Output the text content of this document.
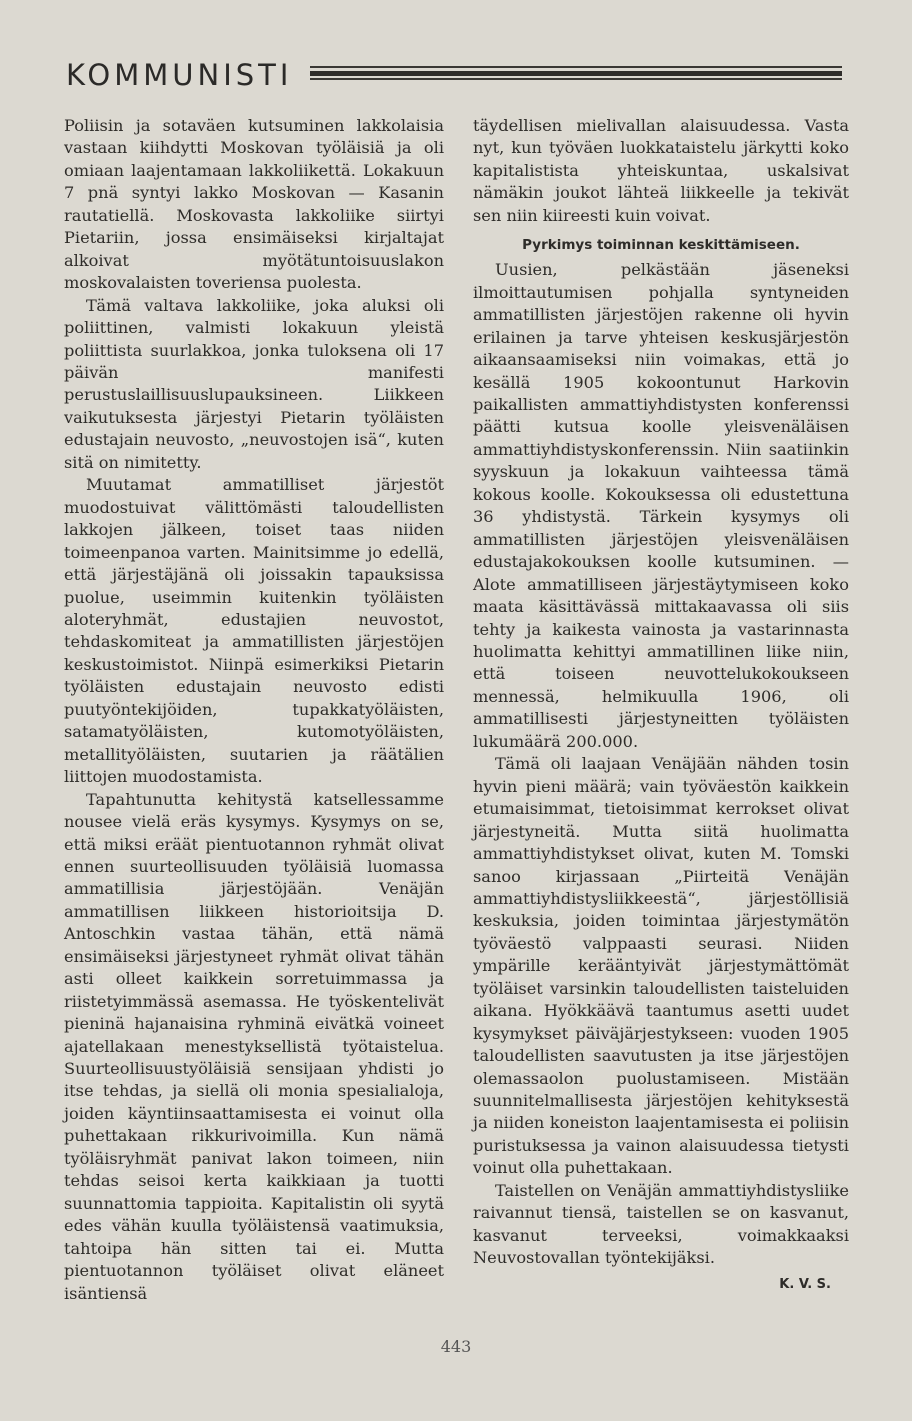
KOMMUNISTI

Poliisin ja sotaväen kutsuminen lakkolaisia vastaan kiihdytti Moskovan työläisiä ja oli omiaan laajentamaan lakkoliikettä. Lokakuun 7 pnä syntyi lakko Moskovan — Kasanin rautatiellä. Moskovasta lakkoliike siirtyi Pietariin, jossa ensimäiseksi kirjaltajat alkoivat myötätuntoisuuslakon moskovalaisten toveriensa puolesta.

Tämä valtava lakkoliike, joka aluksi oli poliittinen, valmisti lokakuun yleistä poliittista suurlakkoa, jonka tuloksena oli 17 päivän manifesti perustuslaillisuuslupauksineen. Liikkeen vaikutuksesta järjestyi Pietarin työläisten edustajain neuvosto, „neuvostojen isä“, kuten sitä on nimitetty.

Muutamat ammatilliset järjestöt muodostuivat välittömästi taloudellisten lakkojen jälkeen, toiset taas niiden toimeenpanoa varten. Mainitsimme jo edellä, että järjestäjänä oli joissakin tapauksissa puolue, useimmin kuitenkin työläisten aloteryhmät, edustajien neuvostot, tehdaskomiteat ja ammatillisten järjestöjen keskustoimistot. Niinpä esimerkiksi Pietarin työläisten edustajain neuvosto edisti puutyöntekijöiden, tupakkatyöläisten, satamatyöläisten, kutomotyöläisten, metallityöläisten, suutarien ja räätälien liittojen muodostamista.

Tapahtunutta kehitystä katsellessamme nousee vielä eräs kysymys. Kysymys on se, että miksi eräät pientuotannon ryhmät olivat ennen suurteollisuuden työläisiä luomassa ammatillisia järjestöjään. Venäjän ammatillisen liikkeen historioitsija D. Antoschkin vastaa tähän, että nämä ensimäiseksi järjestyneet ryhmät olivat tähän asti olleet kaikkein sorretuimmassa ja riistetyimmässä asemassa. He työskentelivät pieninä hajanaisina ryhminä eivätkä voineet ajatellakaan menestyksellistä työtaistelua. Suurteollisuustyöläisiä sensijaan yhdisti jo itse tehdas, ja siellä oli monia spesialialoja, joiden käyntiinsaattamisesta ei voinut olla puhettakaan rikkurivoimilla. Kun nämä työläisryhmät panivat lakon toimeen, niin tehdas seisoi kerta kaikkiaan ja tuotti suunnattomia tappioita. Kapitalistin oli syytä edes vähän kuulla työläistensä vaatimuksia, tahtoipa hän sitten tai ei. Mutta pientuotannon työläiset olivat eläneet isäntiensä

täydellisen mielivallan alaisuudessa. Vasta nyt, kun työväen luokkataistelu järkytti koko kapitalistista yhteiskuntaa, uskalsivat nämäkin joukot lähteä liikkeelle ja tekivät sen niin kiireesti kuin voivat.

Pyrkimys toiminnan keskittämiseen.

Uusien, pelkästään jäseneksi ilmoittautumisen pohjalla syntyneiden ammatillisten järjestöjen rakenne oli hyvin erilainen ja tarve yhteisen keskusjärjestön aikaansaamiseksi niin voimakas, että jo kesällä 1905 kokoontunut Harkovin paikallisten ammattiyhdistysten konferenssi päätti kutsua koolle yleisvenäläisen ammattiyhdistyskonferenssin. Niin saatiinkin syyskuun ja lokakuun vaihteessa tämä kokous koolle. Kokouksessa oli edustettuna 36 yhdistystä. Tärkein kysymys oli ammatillisten järjestöjen yleisvenäläisen edustajakokouksen koolle kutsuminen. — Alote ammatilliseen järjestäytymiseen koko maata käsittävässä mittakaavassa oli siis tehty ja kaikesta vainosta ja vastarinnasta huolimatta kehittyi ammatillinen liike niin, että toiseen neuvottelukokoukseen mennessä, helmikuulla 1906, oli ammatillisesti järjestyneitten työläisten lukumäärä 200.000.

Tämä oli laajaan Venäjään nähden tosin hyvin pieni määrä; vain työväestön kaikkein etumaisimmat, tietoisimmat kerrokset olivat järjestyneitä. Mutta siitä huolimatta ammattiyhdistykset olivat, kuten M. Tomski sanoo kirjassaan „Piirteitä Venäjän ammattiyhdistysliikkeestä“, järjestöllisiä keskuksia, joiden toimintaa järjestymätön työväestö valppaasti seurasi. Niiden ympärille kerääntyivät järjestymättömät työläiset varsinkin taloudellisten taisteluiden aikana. Hyökkäävä taantumus asetti uudet kysymykset päiväjärjestykseen: vuoden 1905 taloudellisten saavutusten ja itse järjestöjen olemassaolon puolustamiseen. Mistään suunnitelmallisesta järjestöjen kehityksestä ja niiden koneiston laajentamisesta ei poliisin puristuksessa ja vainon alaisuudessa tietysti voinut olla puhettakaan.

Taistellen on Venäjän ammattiyhdistysliike raivannut tiensä, taistellen se on kasvanut, kasvanut terveeksi, voimakkaaksi Neuvostovallan työntekijäksi.

K. V. S.
443
